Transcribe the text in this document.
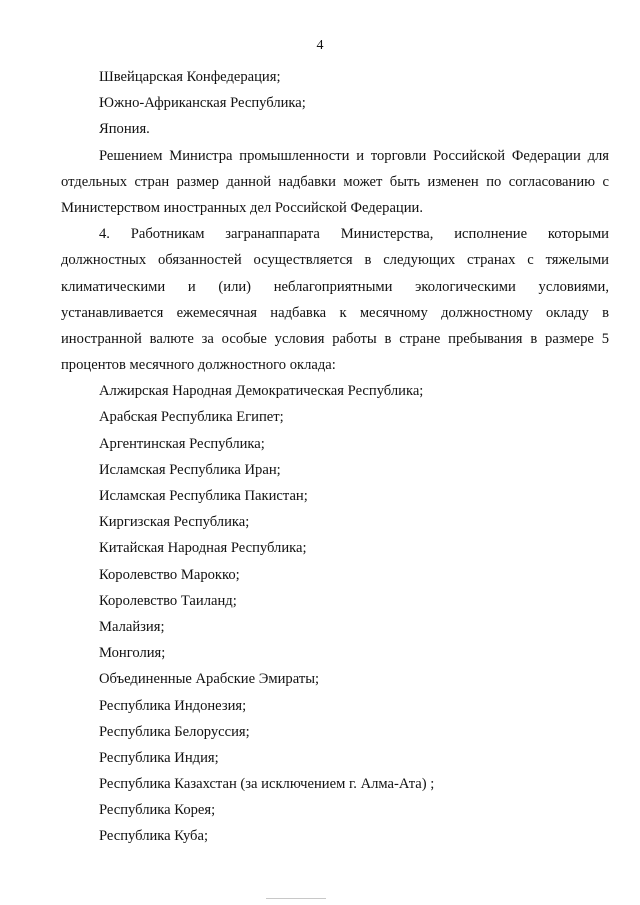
4
Швейцарская Конфедерация;
Южно-Африканская Республика;
Япония.
Решением Министра промышленности и торговли Российской Федерации для
отдельных стран размер данной надбавки может быть изменен по согласованию с
Министерством иностранных дел Российской Федерации.
4. Работникам загранаппарата Министерства, исполнение которыми
должностных обязанностей осуществляется в следующих странах с тяжелыми
климатическими и (или) неблагоприятными экологическими условиями,
устанавливается ежемесячная надбавка к месячному должностному окладу в
иностранной валюте за особые условия работы в стране пребывания в размере 5
процентов месячного должностного оклада:
Алжирская Народная Демократическая Республика;
Арабская Республика Египет;
Аргентинская Республика;
Исламская Республика Иран;
Исламская Республика Пакистан;
Киргизская Республика;
Китайская Народная Республика;
Королевство Марокко;
Королевство Таиланд;
Малайзия;
Монголия;
Объединенные Арабские Эмираты;
Республика Индонезия;
Республика Белоруссия;
Республика Индия;
Республика Казахстан (за исключением г. Алма-Ата) ;
Республика Корея;
Республика Куба;
